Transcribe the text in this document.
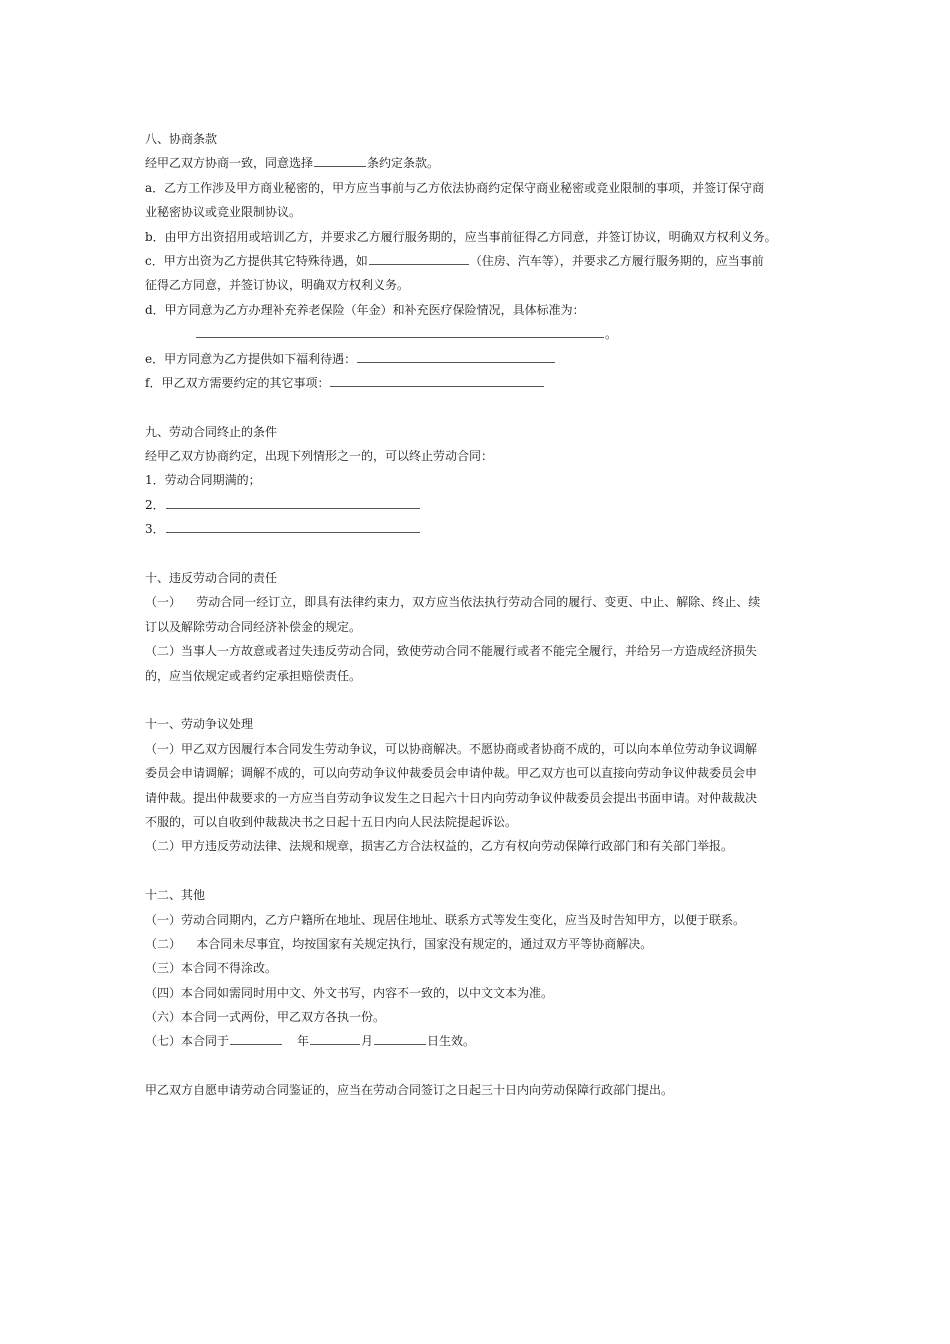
八、协商条款
经甲乙双方协商一致，同意选择	条约定条款。
a．乙方工作涉及甲方商业秘密的，甲方应当事前与乙方依法协商约定保守商业秘密或竞业限制的事项，并签订保守商
业秘密协议或竞业限制协议。
b．由甲方出资招用或培训乙方，并要求乙方履行服务期的，应当事前征得乙方同意，并签订协议，明确双方权利义务。
c．甲方出资为乙方提供其它特殊待遇，如	（住房、汽车等），并要求乙方履行服务期的，应当事前
征得乙方同意，并签订协议，明确双方权利义务。
d．甲方同意为乙方办理补充养老保险（年金）和补充医疗保险情况，具体标准为：
。
e．甲方同意为乙方提供如下福利待遇：
f．甲乙双方需要约定的其它事项：
九、劳动合同终止的条件
经甲乙双方协商约定，出现下列情形之一的，可以终止劳动合同：
1．劳动合同期满的；
2．
3．
十、违反劳动合同的责任
（一）    劳动合同一经订立，即具有法律约束力，双方应当依法执行劳动合同的履行、变更、中止、解除、终止、续
订以及解除劳动合同经济补偿金的规定。
（二）当事人一方故意或者过失违反劳动合同，致使劳动合同不能履行或者不能完全履行，并给另一方造成经济损失
的，应当依规定或者约定承担赔偿责任。
十一、劳动争议处理
（一）甲乙双方因履行本合同发生劳动争议，可以协商解决。不愿协商或者协商不成的，可以向本单位劳动争议调解
委员会申请调解；调解不成的，可以向劳动争议仲裁委员会申请仲裁。甲乙双方也可以直接向劳动争议仲裁委员会申
请仲裁。提出仲裁要求的一方应当自劳动争议发生之日起六十日内向劳动争议仲裁委员会提出书面申请。对仲裁裁决
不服的，可以自收到仲裁裁决书之日起十五日内向人民法院提起诉讼。
（二）甲方违反劳动法律、法规和规章，损害乙方合法权益的，乙方有权向劳动保障行政部门和有关部门举报。
十二、其他
（一）劳动合同期内，乙方户籍所在地址、现居住地址、联系方式等发生变化，应当及时告知甲方，以便于联系。
（二）    本合同未尽事宜，均按国家有关规定执行，国家没有规定的，通过双方平等协商解决。
（三）本合同不得涂改。
（四）本合同如需同时用中文、外文书写，内容不一致的，以中文文本为准。
（六）本合同一式两份，甲乙双方各执一份。
（七）本合同于	年	月	日生效。
甲乙双方自愿申请劳动合同鉴证的，应当在劳动合同签订之日起三十日内向劳动保障行政部门提出。
